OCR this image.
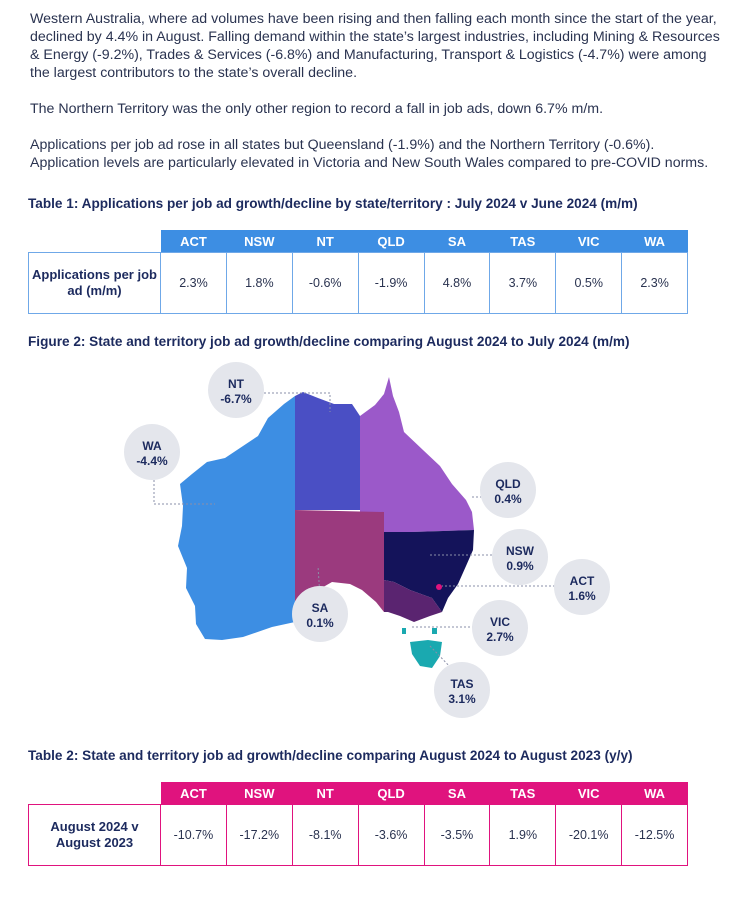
Western Australia, where ad volumes have been rising and then falling each month since the start of the year, declined by 4.4% in August. Falling demand within the state’s largest industries, including Mining & Resources & Energy (-9.2%), Trades & Services (-6.8%) and Manufacturing, Transport & Logistics (-4.7%) were among the largest contributors to the state’s overall decline.

The Northern Territory was the only other region to record a fall in job ads, down 6.7% m/m.

Applications per job ad rose in all states but Queensland (-1.9%) and the Northern Territory (-0.6%). Application levels are particularly elevated in Victoria and New South Wales compared to pre-COVID norms.

Table 1: Applications per job ad growth/decline by state/territory : July 2024 v June 2024 (m/m)

	ACT	NSW	NT	QLD	SA	TAS	VIC	WA
Applications per job ad (m/m)	2.3%	1.8%	-0.6%	-1.9%	4.8%	3.7%	0.5%	2.3%

Figure 2: State and territory job ad growth/decline comparing August 2024 to July 2024 (m/m)

NT
-6.7%
WA
-4.4%
QLD
0.4%
NSW
0.9%
ACT
1.6%
SA
0.1%	VIC
2.7%
TAS
3.1%

Table 2: State and territory job ad growth/decline comparing August 2024 to August 2023 (y/y)

	ACT	NSW	NT	QLD	SA	TAS	VIC	WA
August 2024 v August 2023	-10.7%	-17.2%	-8.1%	-3.6%	-3.5%	1.9%	-20.1%	-12.5%
